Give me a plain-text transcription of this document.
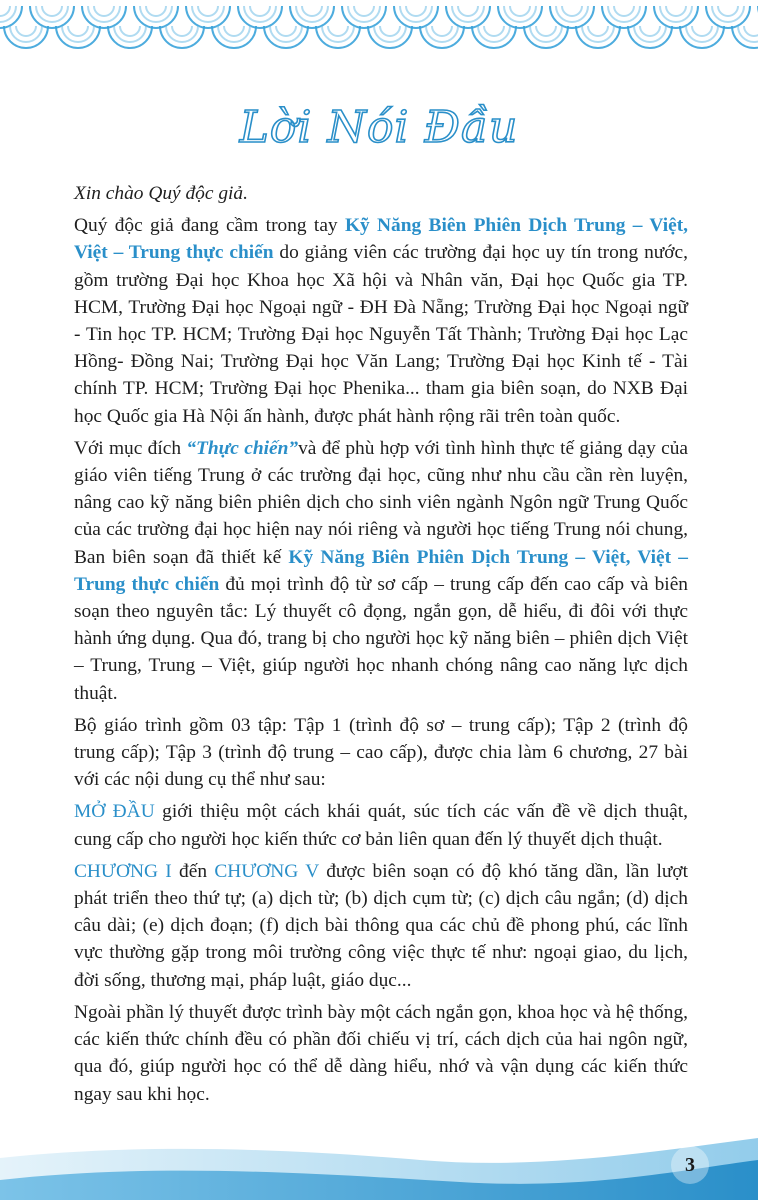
Lời Nói Đầu

Xin chào Quý độc giả.

Quý độc giả đang cầm trong tay Kỹ Năng Biên Phiên Dịch Trung – Việt, Việt – Trung thực chiến do giảng viên các trường đại học uy tín trong nước, gồm trường Đại học Khoa học Xã hội và Nhân văn, Đại học Quốc gia TP. HCM, Trường Đại học Ngoại ngữ - ĐH Đà Nẵng; Trường Đại học Ngoại ngữ - Tin học TP. HCM; Trường Đại học Nguyễn Tất Thành; Trường Đại học Lạc Hồng- Đồng Nai; Trường Đại học Văn Lang; Trường Đại học Kinh tế - Tài chính TP. HCM; Trường Đại học Phenika... tham gia biên soạn, do NXB Đại học Quốc gia Hà Nội ấn hành, được phát hành rộng rãi trên toàn quốc.

Với mục đích “Thực chiến”và để phù hợp với tình hình thực tế giảng dạy của giáo viên tiếng Trung ở các trường đại học, cũng như nhu cầu cần rèn luyện, nâng cao kỹ năng biên phiên dịch cho sinh viên ngành Ngôn ngữ Trung Quốc của các trường đại học hiện nay nói riêng và người học tiếng Trung nói chung, Ban biên soạn đã thiết kế Kỹ Năng Biên Phiên Dịch Trung – Việt, Việt – Trung thực chiến đủ mọi trình độ từ sơ cấp – trung cấp đến cao cấp và biên soạn theo nguyên tắc: Lý thuyết cô đọng, ngắn gọn, dễ hiểu, đi đôi với thực hành ứng dụng. Qua đó, trang bị cho người học kỹ năng biên – phiên dịch Việt – Trung, Trung – Việt, giúp người học nhanh chóng nâng cao năng lực dịch thuật.

Bộ giáo trình gồm 03 tập: Tập 1 (trình độ sơ – trung cấp); Tập 2 (trình độ trung cấp); Tập 3 (trình độ trung – cao cấp), được chia làm 6 chương, 27 bài với các nội dung cụ thể như sau:

MỞ ĐẦU giới thiệu một cách khái quát, súc tích các vấn đề về dịch thuật, cung cấp cho người học kiến thức cơ bản liên quan đến lý thuyết dịch thuật.

CHƯƠNG I đến CHƯƠNG V được biên soạn có độ khó tăng dần, lần lượt phát triển theo thứ tự; (a) dịch từ; (b) dịch cụm từ; (c) dịch câu ngắn; (d) dịch câu dài; (e) dịch đoạn; (f) dịch bài thông qua các chủ đề phong phú, các lĩnh vực thường gặp trong môi trường công việc thực tế như: ngoại giao, du lịch, đời sống, thương mại, pháp luật, giáo dục...

Ngoài phần lý thuyết được trình bày một cách ngắn gọn, khoa học và hệ thống, các kiến thức chính đều có phần đối chiếu vị trí, cách dịch của hai ngôn ngữ, qua đó, giúp người học có thể dễ dàng hiểu, nhớ và vận dụng các kiến thức ngay sau khi học.

3
